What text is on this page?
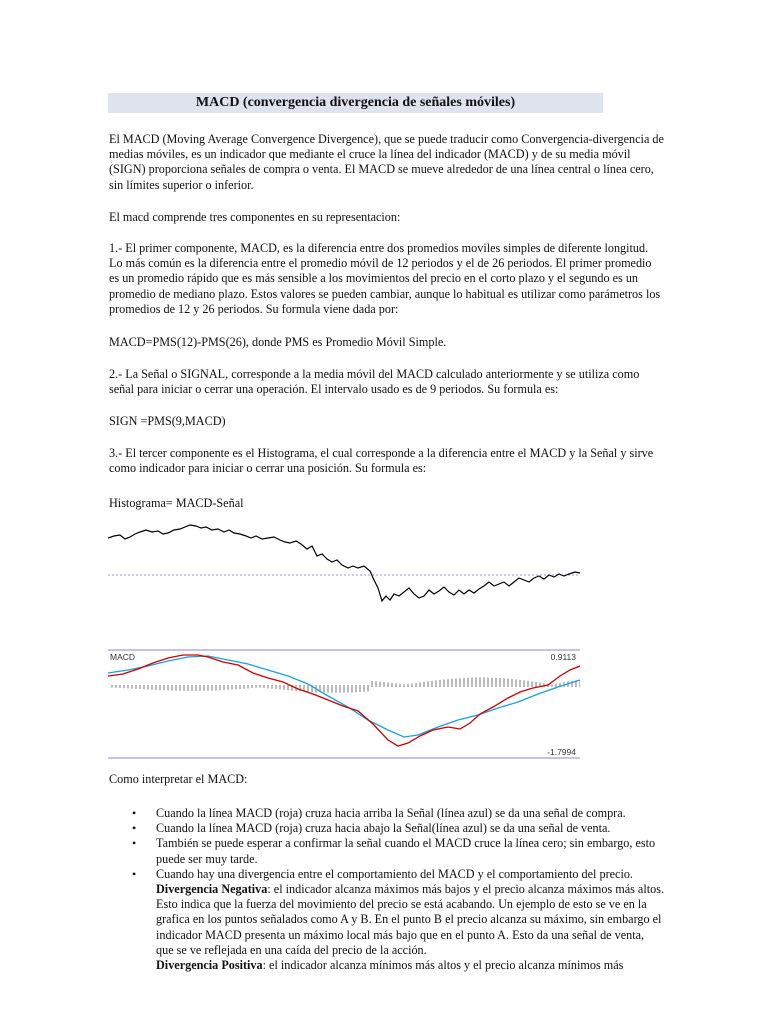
MACD (convergencia divergencia de señales móviles)

El MACD (Moving Average Convergence Divergence), que se puede traducir como Convergencia-divergencia de medias móviles, es un indicador que mediante el cruce la línea del indicador (MACD) y de su media móvil (SIGN) proporciona señales de compra o venta. El MACD se mueve alrededor de una línea central o línea cero, sin límites superior o inferior.

El macd comprende tres componentes en su representacion:

1.- El primer componente, MACD, es la diferencia entre dos promedios moviles simples de diferente longitud. Lo más común es la diferencia entre el promedio móvil de 12 periodos y el de 26 periodos. El primer promedio es un promedio rápido que es más sensible a los movimientos del precio en el corto plazo y el segundo es un promedio de mediano plazo. Estos valores se pueden cambiar, aunque lo habitual es utilizar como parámetros los promedios de 12 y 26 periodos. Su formula viene dada por:

MACD=PMS(12)-PMS(26), donde PMS es Promedio Móvil Simple.

2.- La Señal o SIGNAL, corresponde a la media móvil del MACD calculado anteriormente y se utiliza como señal para iniciar o cerrar una operación. El intervalo usado es de 9 periodos. Su formula es:

SIGN =PMS(9,MACD)

3.- El tercer componente es el Histograma, el cual corresponde a la diferencia entre el MACD y la Señal y sirve como indicador para iniciar o cerrar una posición. Su formula es:

Histograma= MACD-Señal

MACD	0.9113
-1.7994

Como interpretar el MACD:

• Cuando la línea MACD (roja) cruza hacia arriba la Señal (línea azul) se da una señal de compra.
• Cuando la línea MACD (roja) cruza hacia abajo la Señal(línea azul) se da una señal de venta.
• También se puede esperar a confirmar la señal cuando el MACD cruce la línea cero; sin embargo, esto puede ser muy tarde.
• Cuando hay una divergencia entre el comportamiento del MACD y el comportamiento del precio.
Divergencia Negativa: el indicador alcanza máximos más bajos y el precio alcanza máximos más altos. Esto indica que la fuerza del movimiento del precio se está acabando. Un ejemplo de esto se ve en la grafica en los puntos señalados como A y B. En el punto B el precio alcanza su máximo, sin embargo el indicador MACD presenta un máximo local más bajo que en el punto A. Esto da una señal de venta, que se ve reflejada en una caída del precio de la acción.
Divergencia Positiva: el indicador alcanza mínimos más altos y el precio alcanza mínimos más
